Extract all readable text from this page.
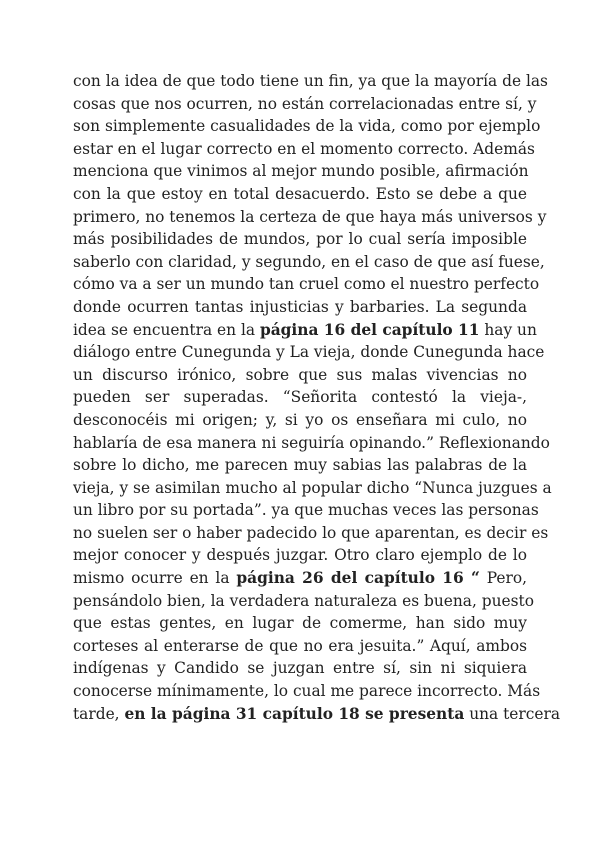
con la idea de que todo tiene un fin, ya que la mayoría de las
cosas que nos ocurren, no están correlacionadas entre sí, y
son simplemente casualidades de la vida, como por ejemplo
estar en el lugar correcto en el momento correcto. Además
menciona que vinimos al mejor mundo posible, afirmación
con la que estoy en total desacuerdo. Esto se debe a que
primero, no tenemos la certeza de que haya más universos y
más posibilidades de mundos, por lo cual sería imposible
saberlo con claridad, y segundo, en el caso de que así fuese,
cómo va a ser un mundo tan cruel como el nuestro perfecto
donde ocurren tantas injusticias y barbaries. La segunda
idea se encuentra en la página 16 del capítulo 11 hay un
diálogo entre Cunegunda y La vieja, donde Cunegunda hace
un discurso irónico, sobre que sus malas vivencias no
pueden ser superadas. “Señorita contestó la vieja-,
desconocéis mi origen; y, si yo os enseñara mi culo, no
hablaría de esa manera ni seguiría opinando.” Reflexionando
sobre lo dicho, me parecen muy sabias las palabras de la
vieja, y se asimilan mucho al popular dicho “Nunca juzgues a
un libro por su portada”. ya que muchas veces las personas
no suelen ser o haber padecido lo que aparentan, es decir es
mejor conocer y después juzgar. Otro claro ejemplo de lo
mismo ocurre en la página 26 del capítulo 16 “ Pero,
pensándolo bien, la verdadera naturaleza es buena, puesto
que estas gentes, en lugar de comerme, han sido muy
corteses al enterarse de que no era jesuita.” Aquí, ambos
indígenas y Candido se juzgan entre sí, sin ni siquiera
conocerse mínimamente, lo cual me parece incorrecto. Más
tarde, en la página 31 capítulo 18 se presenta una tercera
